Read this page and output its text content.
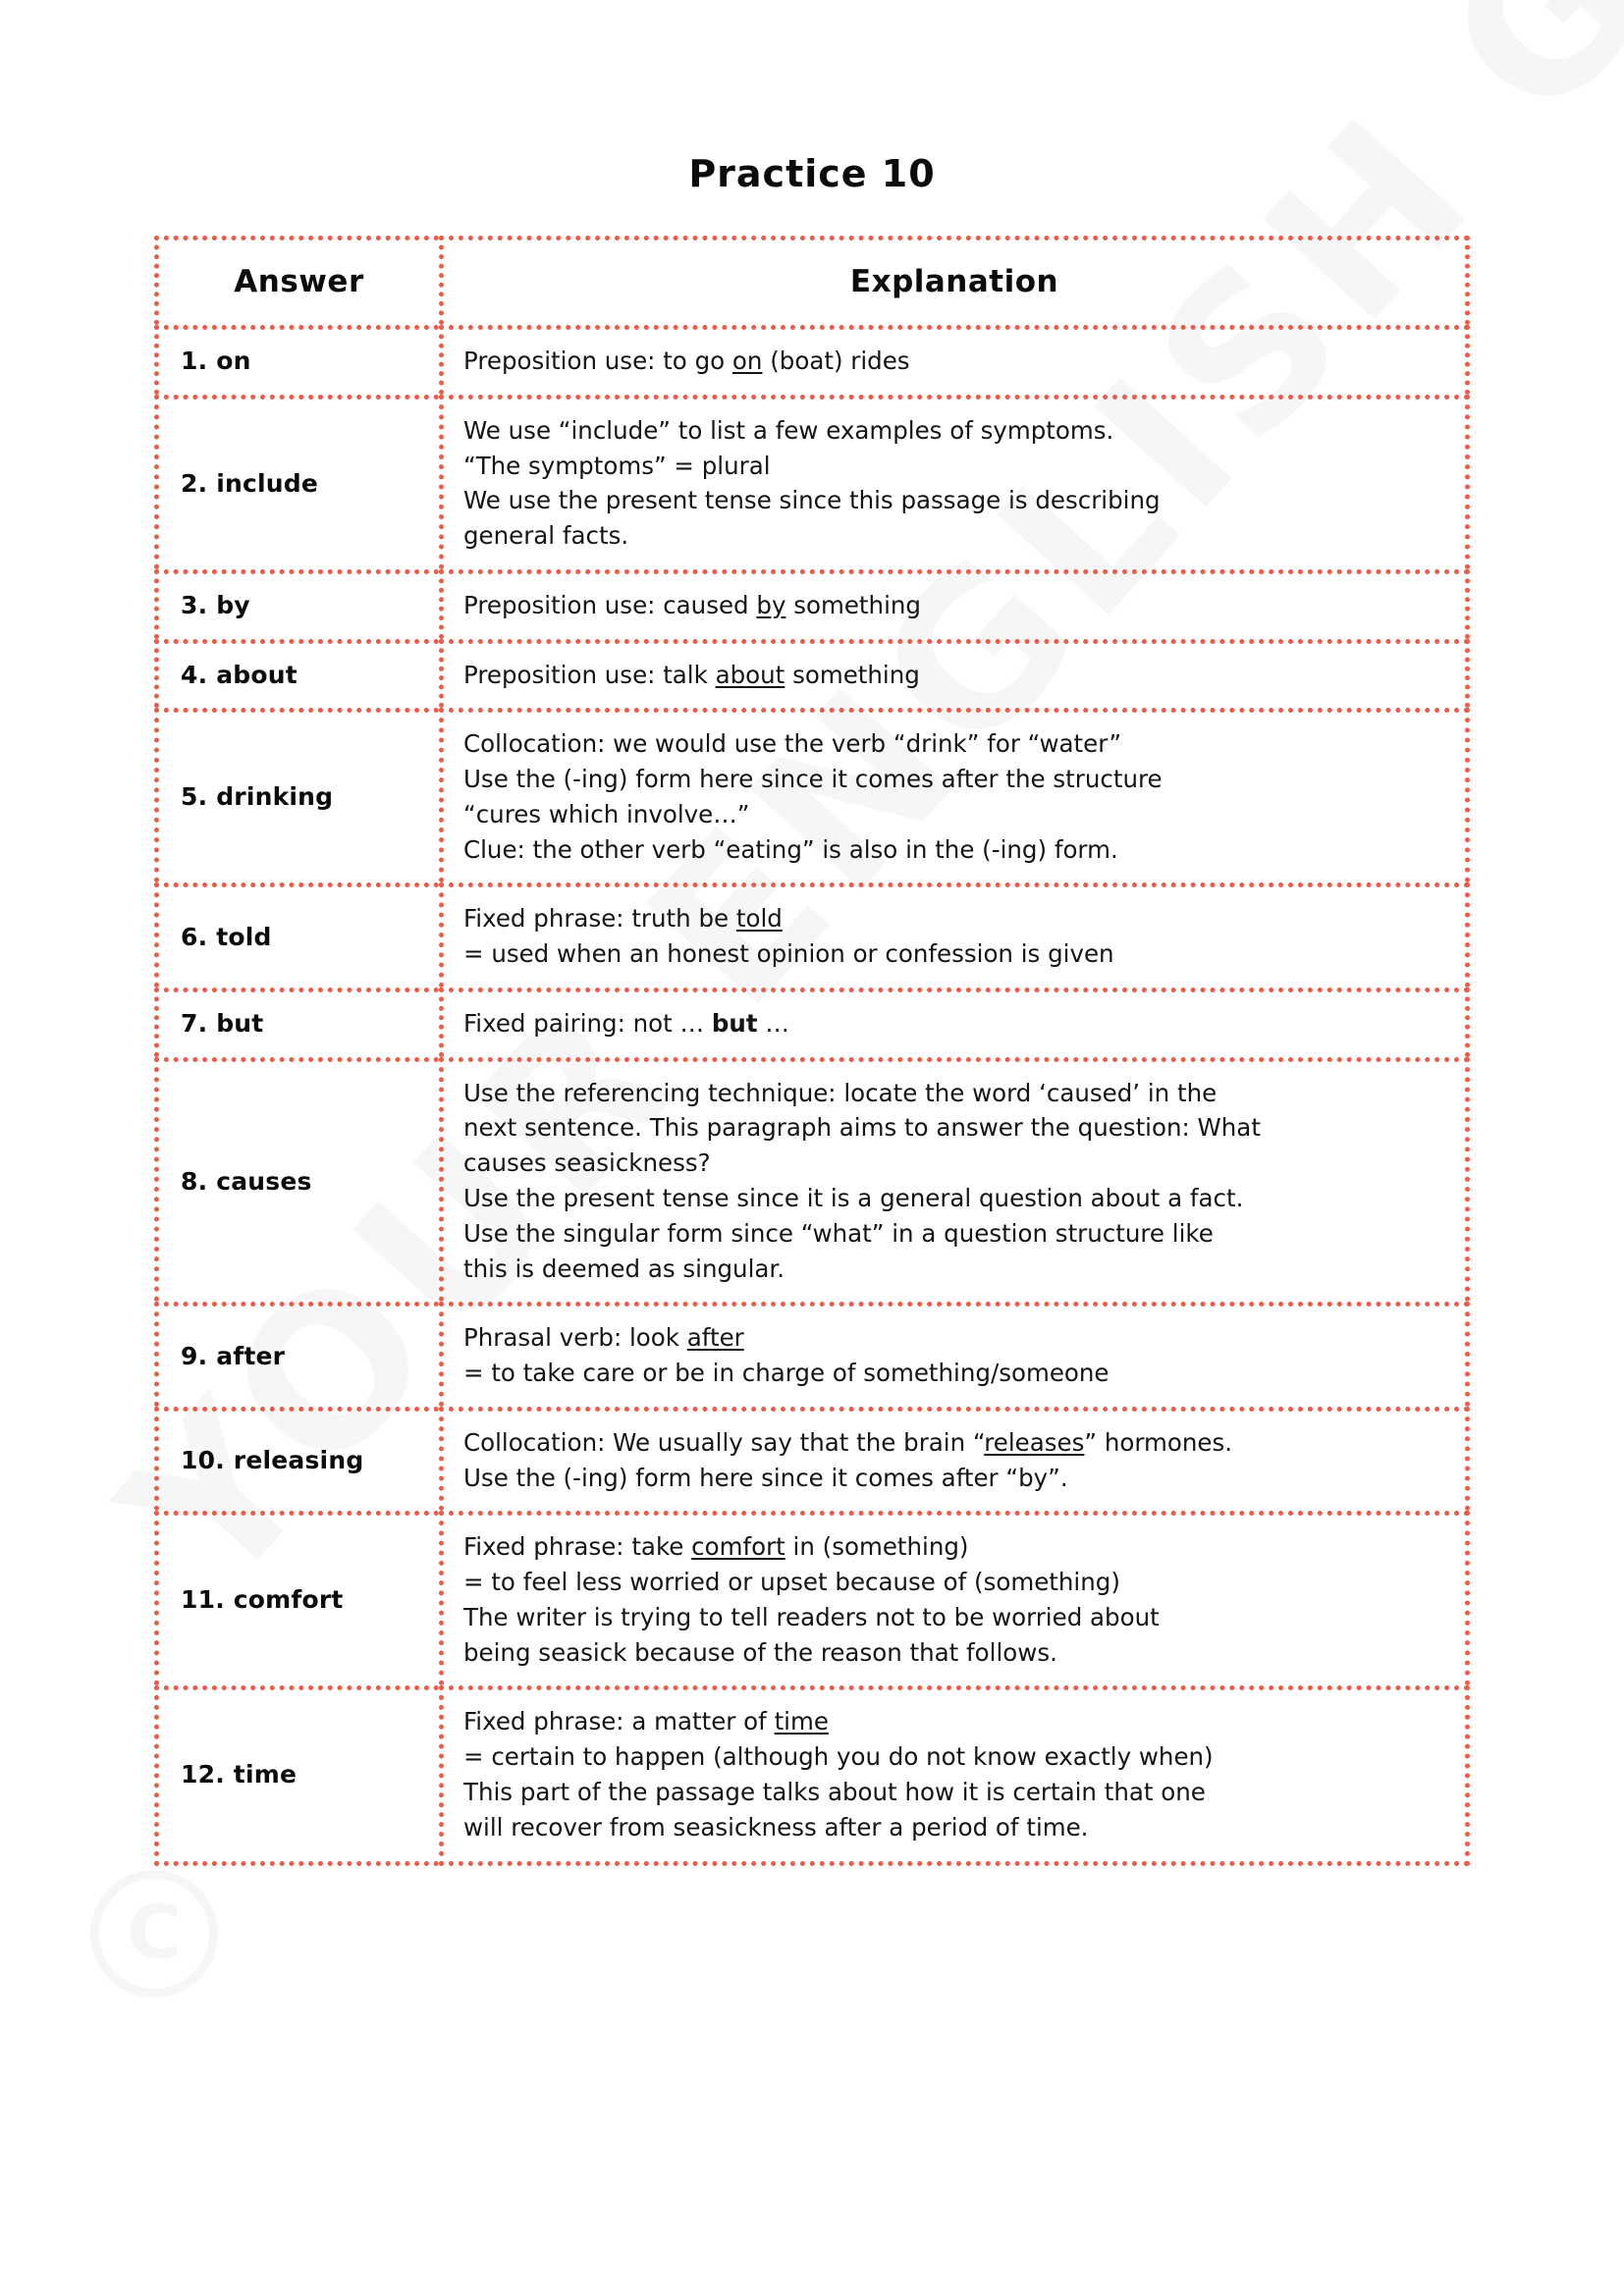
Practice 10
Answer	Explanation
1. on	Preposition use: to go on (boat) rides

2. include	We use “include” to list a few examples of symptoms.
“The symptoms” = plural
We use the present tense since this passage is describing
general facts.

3. by	Preposition use: caused by something

4. about	Preposition use: talk about something

5. drinking	Collocation: we would use the verb “drink” for “water”
Use the (-ing) form here since it comes after the structure
“cures which involve…”
Clue: the other verb “eating” is also in the (-ing) form.

6. told	Fixed phrase: truth be told
= used when an honest opinion or confession is given

7. but	Fixed pairing: not … but …

8. causes	
Use the referencing technique: locate the word ‘caused’ in the
next sentence. This paragraph aims to answer the question: What
causes seasickness?
Use the present tense since it is a general question about a fact.
Use the singular form since “what” in a question structure like
this is deemed as singular.

9. after	Phrasal verb: look after
= to take care or be in charge of something/someone

10. releasing	Collocation: We usually say that the brain “releases” hormones.
Use the (-ing) form here since it comes after “by”.

11. comfort	Fixed phrase: take comfort in (something)
= to feel less worried or upset because of (something)
The writer is trying to tell readers not to be worried about
being seasick because of the reason that follows.

12. time	Fixed phrase: a matter of time
= certain to happen (although you do not know exactly when)
This part of the passage talks about how it is certain that one
will recover from seasickness after a period of time.
